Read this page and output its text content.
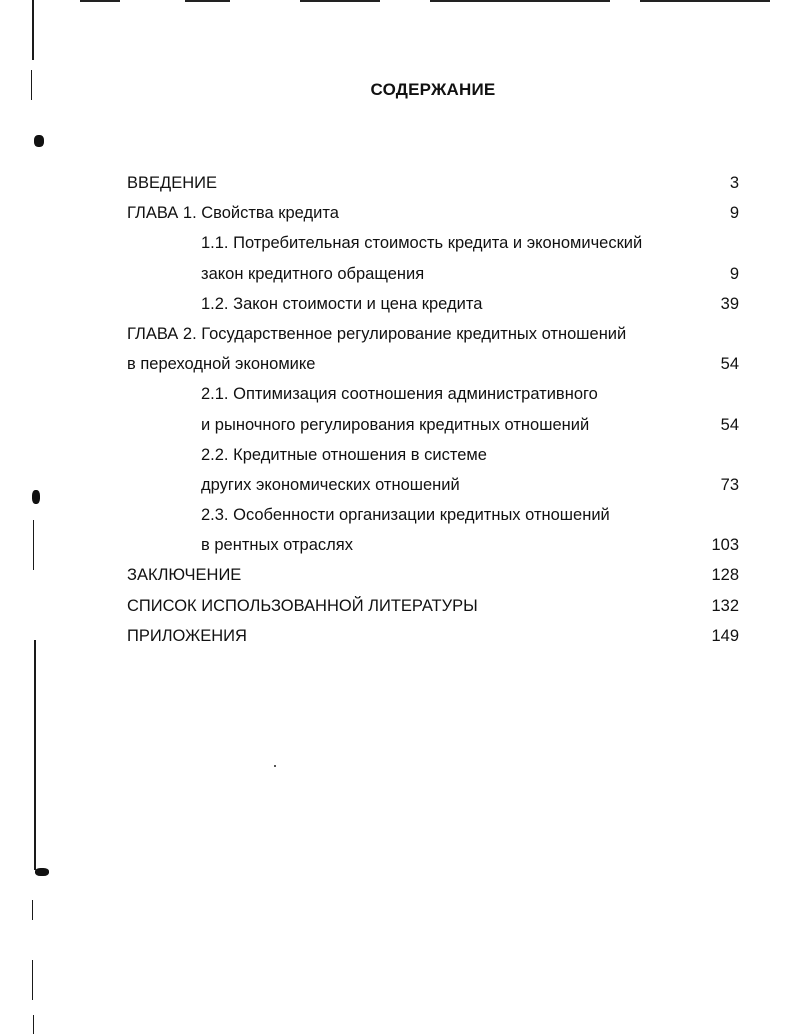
СОДЕРЖАНИЕ
ВВЕДЕНИЕ	3
ГЛАВА 1. Свойства кредита	9
1.1. Потребительная стоимость кредита и экономический
закон кредитного обращения	9
1.2. Закон стоимости и цена кредита	39
ГЛАВА 2. Государственное регулирование кредитных отношений
в переходной экономике	54
2.1. Оптимизация соотношения административного
и рыночного регулирования кредитных отношений	54
2.2. Кредитные отношения в системе
других экономических отношений	73
2.3. Особенности организации кредитных отношений
в рентных отраслях	103
ЗАКЛЮЧЕНИЕ	128
СПИСОК ИСПОЛЬЗОВАННОЙ ЛИТЕРАТУРЫ	132
ПРИЛОЖЕНИЯ	149
